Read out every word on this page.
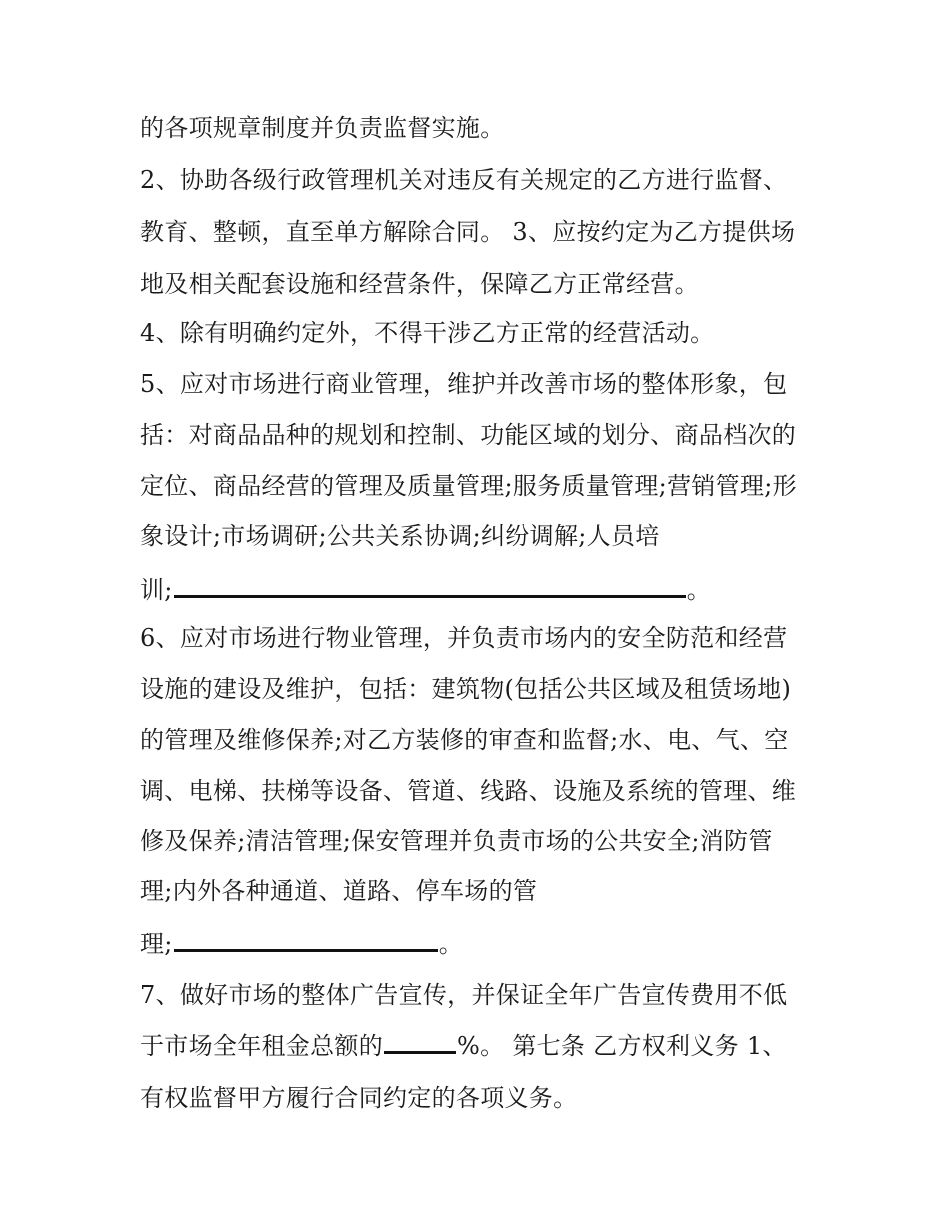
的各项规章制度并负责监督实施。
2、协助各级行政管理机关对违反有关规定的乙方进行监督、
教育、整顿，直至单方解除合同。 3、应按约定为乙方提供场
地及相关配套设施和经营条件，保障乙方正常经营。
4、除有明确约定外，不得干涉乙方正常的经营活动。
5、应对市场进行商业管理，维护并改善市场的整体形象，包
括：对商品品种的规划和控制、功能区域的划分、商品档次的
定位、商品经营的管理及质量管理;服务质量管理;营销管理;形
象设计;市场调研;公共关系协调;纠纷调解;人员培
训;	。
6、应对市场进行物业管理，并负责市场内的安全防范和经营
设施的建设及维护，包括：建筑物(包括公共区域及租赁场地)
的管理及维修保养;对乙方装修的审查和监督;水、电、气、空
调、电梯、扶梯等设备、管道、线路、设施及系统的管理、维
修及保养;清洁管理;保安管理并负责市场的公共安全;消防管
理;内外各种通道、道路、停车场的管
理;	。
7、做好市场的整体广告宣传，并保证全年广告宣传费用不低
于市场全年租金总额的	%。 第七条 乙方权利义务 1、
有权监督甲方履行合同约定的各项义务。
